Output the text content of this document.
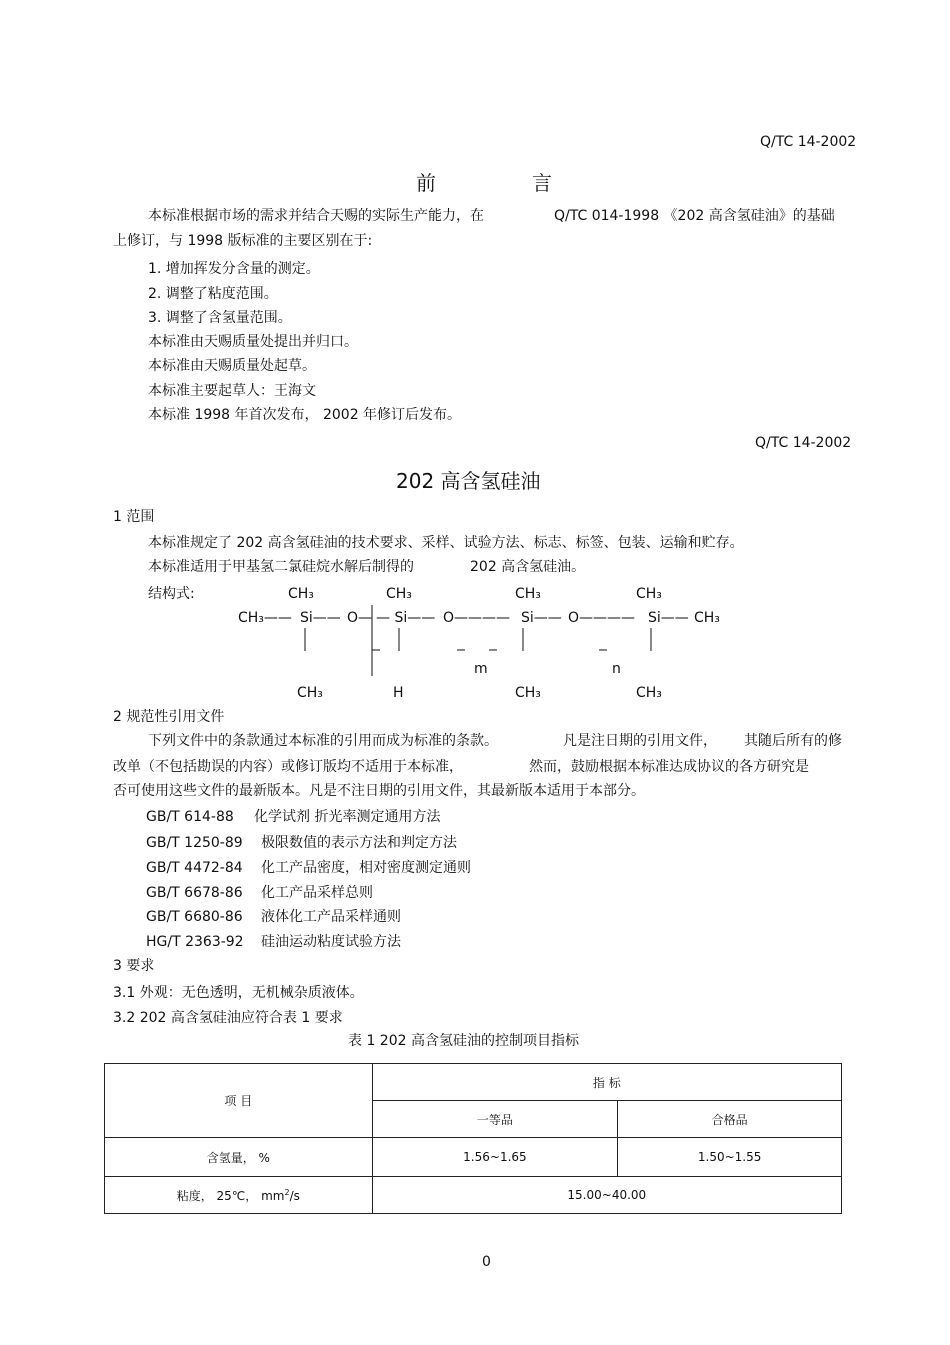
Q/TC 14-2002
前	言
本标准根据市场的需求并结合天赐的实际生产能力，在	Q/TC 014-1998 《202 高含氢硅油》的基础
上修订，与 1998 版标准的主要区别在于:
1. 增加挥发分含量的测定。
2. 调整了粘度范围。
3. 调整了含氢量范围。
本标准由天赐质量处提出并归口。
本标准由天赐质量处起草。
本标准主要起草人：王海文
本标准 1998 年首次发布， 2002 年修订后发布。
Q/TC 14-2002
202 高含氢硅油
1 范围
本标准规定了 202 高含氢硅油的技术要求、采样、试验方法、标志、标签、包装、运输和贮存。
本标准适用于甲基氢二氯硅烷水解后制得的	202 高含氢硅油。
结构式:	CH₃	CH₃	CH₃	CH₃
CH₃—— Si—— O— — Si—— O———— Si—— O———— Si—— CH₃
m	n
CH₃	H	CH₃	CH₃
2 规范性引用文件
下列文件中的条款通过本标准的引用而成为标准的条款。	凡是注日期的引用文件， 其随后所有的修
改单（不包括勘误的内容）或修订版均不适用于本标准，	然而，鼓励根据本标准达成协议的各方研究是
否可使用这些文件的最新版本。凡是不注日期的引用文件，其最新版本适用于本部分。
GB/T 614-88 化学试剂 折光率测定通用方法
GB/T 1250-89 极限数值的表示方法和判定方法
GB/T 4472-84 化工产品密度，相对密度测定通则
GB/T 6678-86 化工产品采样总则
GB/T 6680-86 液体化工产品采样通则
HG/T 2363-92 硅油运动粘度试验方法
3 要求
3.1 外观：无色透明，无机械杂质液体。
3.2 202 高含氢硅油应符合表 1 要求
表 1 202 高含氢硅油的控制项目指标
项 目	指 标	
	一等品	合格品
含氢量， %	1.56~1.65	1.50~1.55
粘度， 25℃， $mm^2/s$	15.00~40.00	
0
